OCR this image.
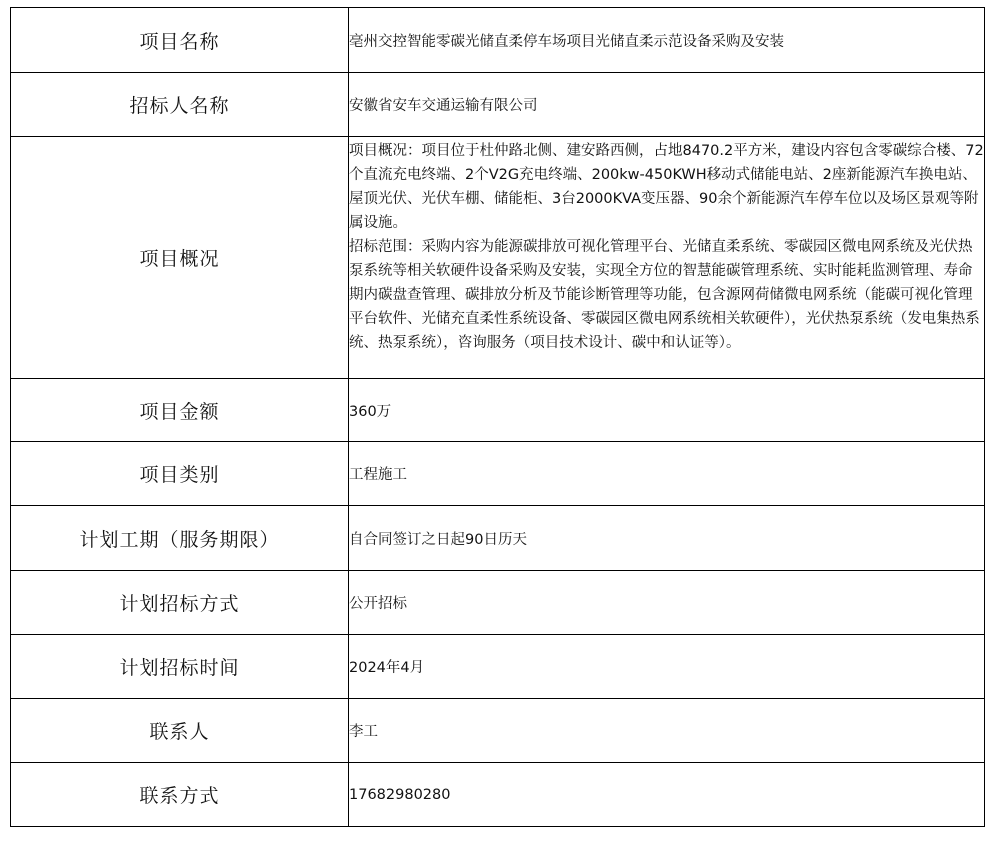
项目名称	亳州交控智能零碳光储直柔停车场项目光储直柔示范设备采购及安装
招标人名称	安徽省安车交通运输有限公司
项目概况	项目概况：项目位于杜仲路北侧、建安路西侧，占地8470.2平方米，建设内容包含零碳综合楼、72个直流充电终端、2个V2G充电终端、200kw-450KWH移动式储能电站、2座新能源汽车换电站、屋顶光伏、光伏车棚、储能柜、3台2000KVA变压器、90余个新能源汽车停车位以及场区景观等附属设施。

招标范围：采购内容为能源碳排放可视化管理平台、光储直柔系统、零碳园区微电网系统及光伏热泵系统等相关软硬件设备采购及安装，实现全方位的智慧能碳管理系统、实时能耗监测管理、寿命期内碳盘查管理、碳排放分析及节能诊断管理等功能，包含源网荷储微电网系统（能碳可视化管理平台软件、光储充直柔性系统设备、零碳园区微电网系统相关软硬件），光伏热泵系统（发电集热系统、热泵系统），咨询服务（项目技术设计、碳中和认证等）。

项目金额	360万
项目类别	工程施工
计划工期（服务期限）	自合同签订之日起90日历天
计划招标方式	公开招标
计划招标时间	2024年4月
联系人	李工
联系方式	17682980280
